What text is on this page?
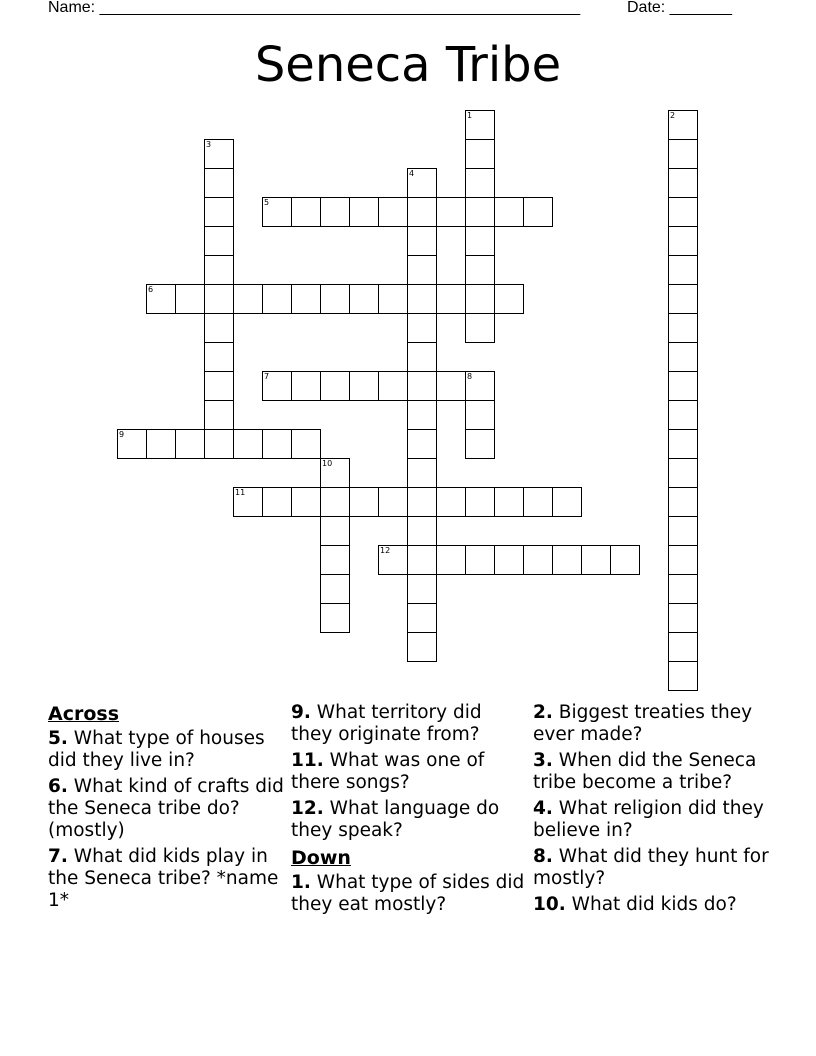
Name: ______________________________________________________	Date: _______
Seneca Tribe
1	2
3
4
5
6
7	8
9
10
11
12
Across
5. What type of houses did they live in?
6. What kind of crafts did the Seneca tribe do? (mostly)
7. What did kids play in the Seneca tribe? *name 1*
9. What territory did they originate from?
11. What was one of there songs?
12. What language do they speak?
Down
1. What type of sides did they eat mostly?
2. Biggest treaties they ever made?
3. When did the Seneca tribe become a tribe?
4. What religion did they believe in?
8. What did they hunt for mostly?
10. What did kids do?
